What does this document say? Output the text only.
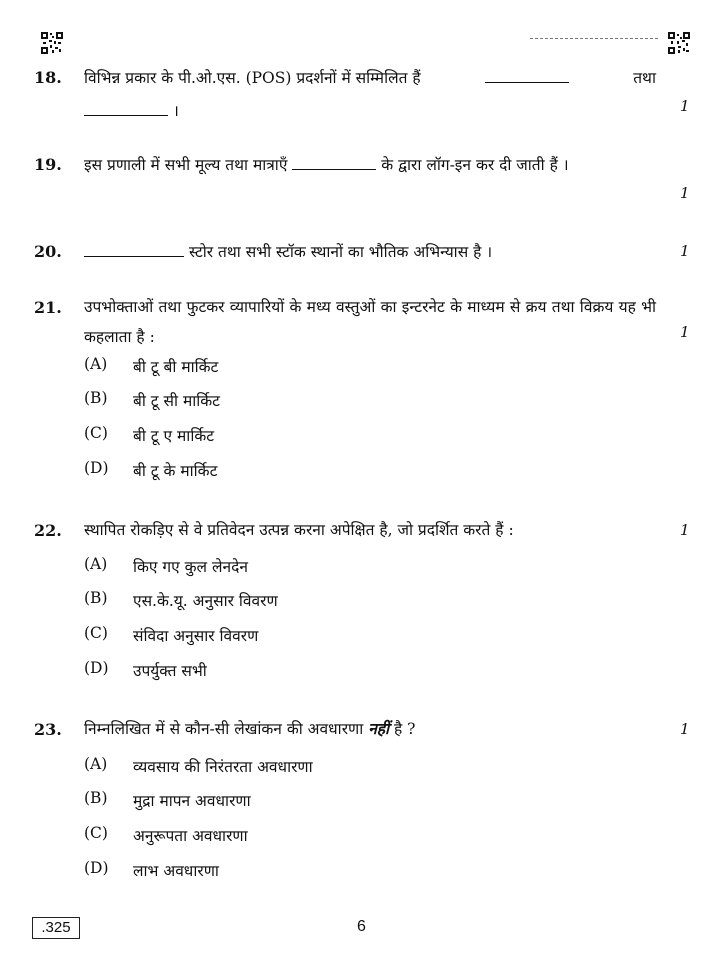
18. विभिन्न प्रकार के पी.ओ.एस. (POS) प्रदर्शनों में सम्मिलित हैं	तथा
।	1
19. इस प्रणाली में सभी मूल्य तथा मात्राएँ	के द्वारा लॉग-इन कर दी जाती हैं ।
1
20.	स्टोर तथा सभी स्टॉक स्थानों का भौतिक अभिन्यास है ।	1
21. उपभोक्ताओं तथा फुटकर व्यापारियों के मध्य वस्तुओं का इन्टरनेट के माध्यम से क्रय तथा विक्रय यह भी कहलाता है :	1
(A)	बी टू बी मार्किट
(B)	बी टू सी मार्किट
(C)	बी टू ए मार्किट
(D)	बी टू के मार्किट
22. स्थापित रोकड़िए से वे प्रतिवेदन उत्पन्न करना अपेक्षित है, जो प्रदर्शित करते हैं :	1
(A)	किए गए कुल लेनदेन
(B)	एस.के.यू. अनुसार विवरण
(C)	संविदा अनुसार विवरण
(D)	उपर्युक्त सभी
23. निम्नलिखित में से कौन-सी लेखांकन की अवधारणा नहीं है ?	1
(A)	व्यवसाय की निरंतरता अवधारणा
(B)	मुद्रा मापन अवधारणा
(C)	अनुरूपता अवधारणा
(D)	लाभ अवधारणा
.325	6
